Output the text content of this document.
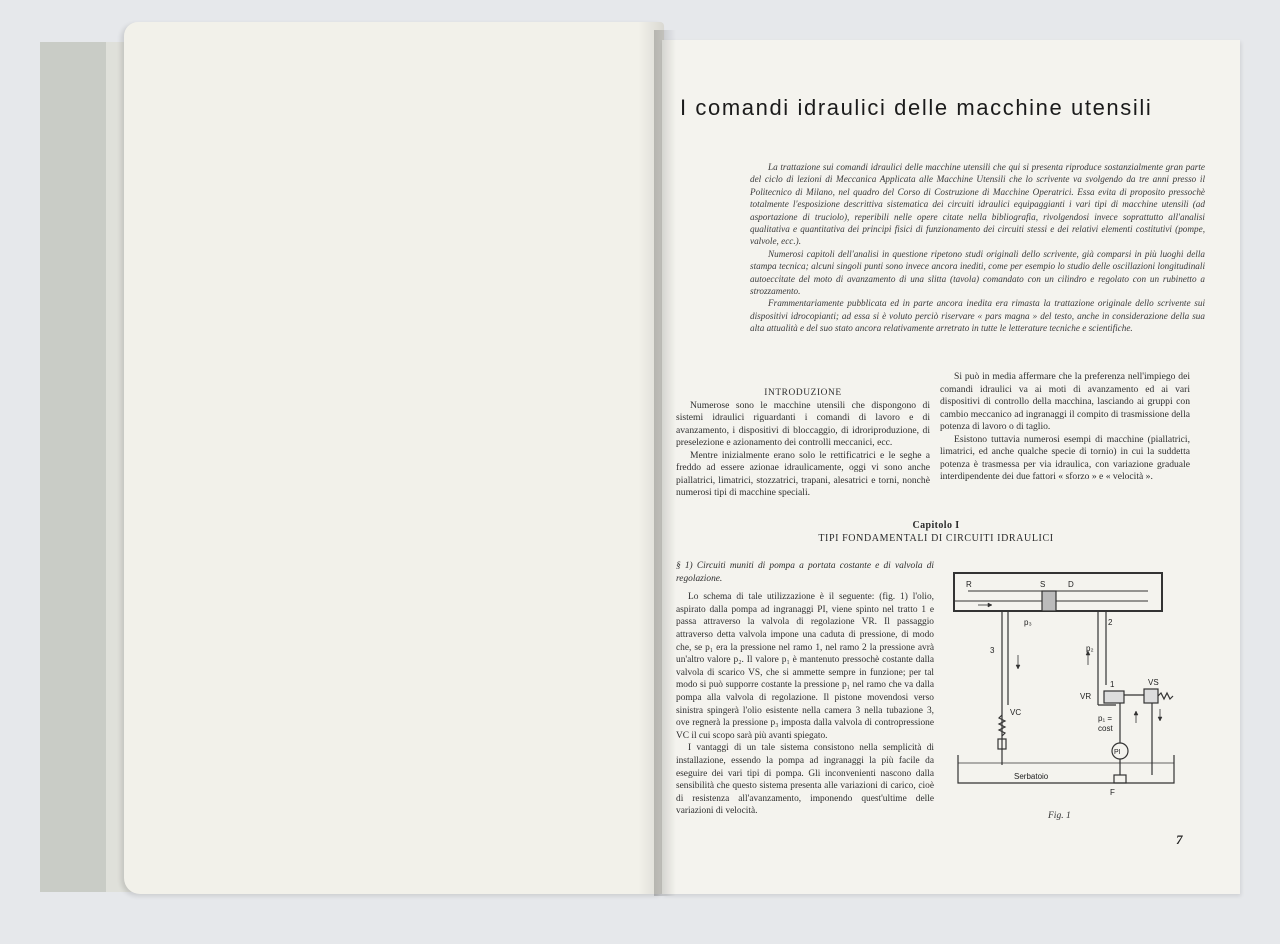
I comandi idraulici delle macchine utensili

La trattazione sui comandi idraulici delle macchine utensili che qui si presenta riproduce sostanzialmente gran parte del ciclo di lezioni di Meccanica Applicata alle Macchine Utensili che lo scrivente va svolgendo da tre anni presso il Politecnico di Milano, nel quadro del Corso di Costruzione di Macchine Operatrici. Essa evita di proposito pressochè totalmente l'esposizione descrittiva sistematica dei circuiti idraulici equipaggianti i vari tipi di macchine utensili (ad asportazione di truciolo), reperibili nelle opere citate nella bibliografia, rivolgendosi invece soprattutto all'analisi qualitativa e quantitativa dei principi fisici di funzionamento dei circuiti stessi e dei relativi elementi costitutivi (pompe, valvole, ecc.).

Numerosi capitoli dell'analisi in questione ripetono studi originali dello scrivente, già comparsi in più luoghi della stampa tecnica; alcuni singoli punti sono invece ancora inediti, come per esempio lo studio delle oscillazioni longitudinali autoeccitate del moto di avanzamento di una slitta (tavola) comandato con un cilindro e regolato con un rubinetto a strozzamento.

Frammentariamente pubblicata ed in parte ancora inedita era rimasta la trattazione originale dello scrivente sui dispositivi idrocopianti; ad essa si è voluto perciò riservare « pars magna » del testo, anche in considerazione della sua alta attualità e del suo stato ancora relativamente arretrato in tutte le letterature tecniche e scientifiche.

INTRODUZIONE

Numerose sono le macchine utensili che dispongono di sistemi idraulici riguardanti i comandi di lavoro e di avanzamento, i dispositivi di bloccaggio, di idroriproduzione, di preselezione e azionamento dei controlli meccanici, ecc.

Mentre inizialmente erano solo le rettificatrici e le seghe a freddo ad essere azionae idraulicamente, oggi vi sono anche piallatrici, limatrici, stozzatrici, trapani, alesatrici e torni, nonchè numerosi tipi di macchine speciali.

Si può in media affermare che la preferenza nell'impiego dei comandi idraulici va ai moti di avanzamento ed ai vari dispositivi di controllo della macchina, lasciando ai gruppi con cambio meccanico ad ingranaggi il compito di trasmissione della potenza di lavoro o di taglio.

Esistono tuttavia numerosi esempi di macchine (piallatrici, limatrici, ed anche qualche specie di tornio) in cui la suddetta potenza è trasmessa per via idraulica, con variazione graduale interdipendente dei due fattori « sforzo » e « velocità ».

Capitolo I
TIPI FONDAMENTALI DI CIRCUITI IDRAULICI

§ 1) Circuiti muniti di pompa a portata costante e di valvola di regolazione.

Lo schema di tale utilizzazione è il seguente: (fig. 1) l'olio, aspirato dalla pompa ad ingranaggi PI, viene spinto nel tratto 1 e passa attraverso la valvola di regolazione VR. Il passaggio attraverso detta valvola impone una caduta di pressione, di modo che, se p₁ era la pressione nel ramo 1, nel ramo 2 la pressione avrà un'altro valore p₂. Il valore p₁ è mantenuto pressochè costante dalla valvola di scarico VS, che si ammette sempre in funzione; per tal modo si può supporre costante la pressione p₁ nel ramo che va dalla pompa alla valvola di regolazione. Il pistone movendosi verso sinistra spingerà l'olio esistente nella camera 3 nella tubazione 3, ove regnerà la pressione p₃ imposta dalla valvola di contropressione VC il cui scopo sarà più avanti spiegato.

I vantaggi di un tale sistema consistono nella semplicità di installazione, essendo la pompa ad ingranaggi la più facile da eseguire dei vari tipi di pompa. Gli inconvenienti nascono dalla sensibilità che questo sistema presenta alle variazioni di carico, cioè di resistenza all'avanzamento, imponendo quest'ultime delle variazioni di velocità.

R	S	D
p₃	2
p₂
3
1
VR
VS
VC
p₁ =
cost
PI
Serbatoio
F
Fig. 1
7
